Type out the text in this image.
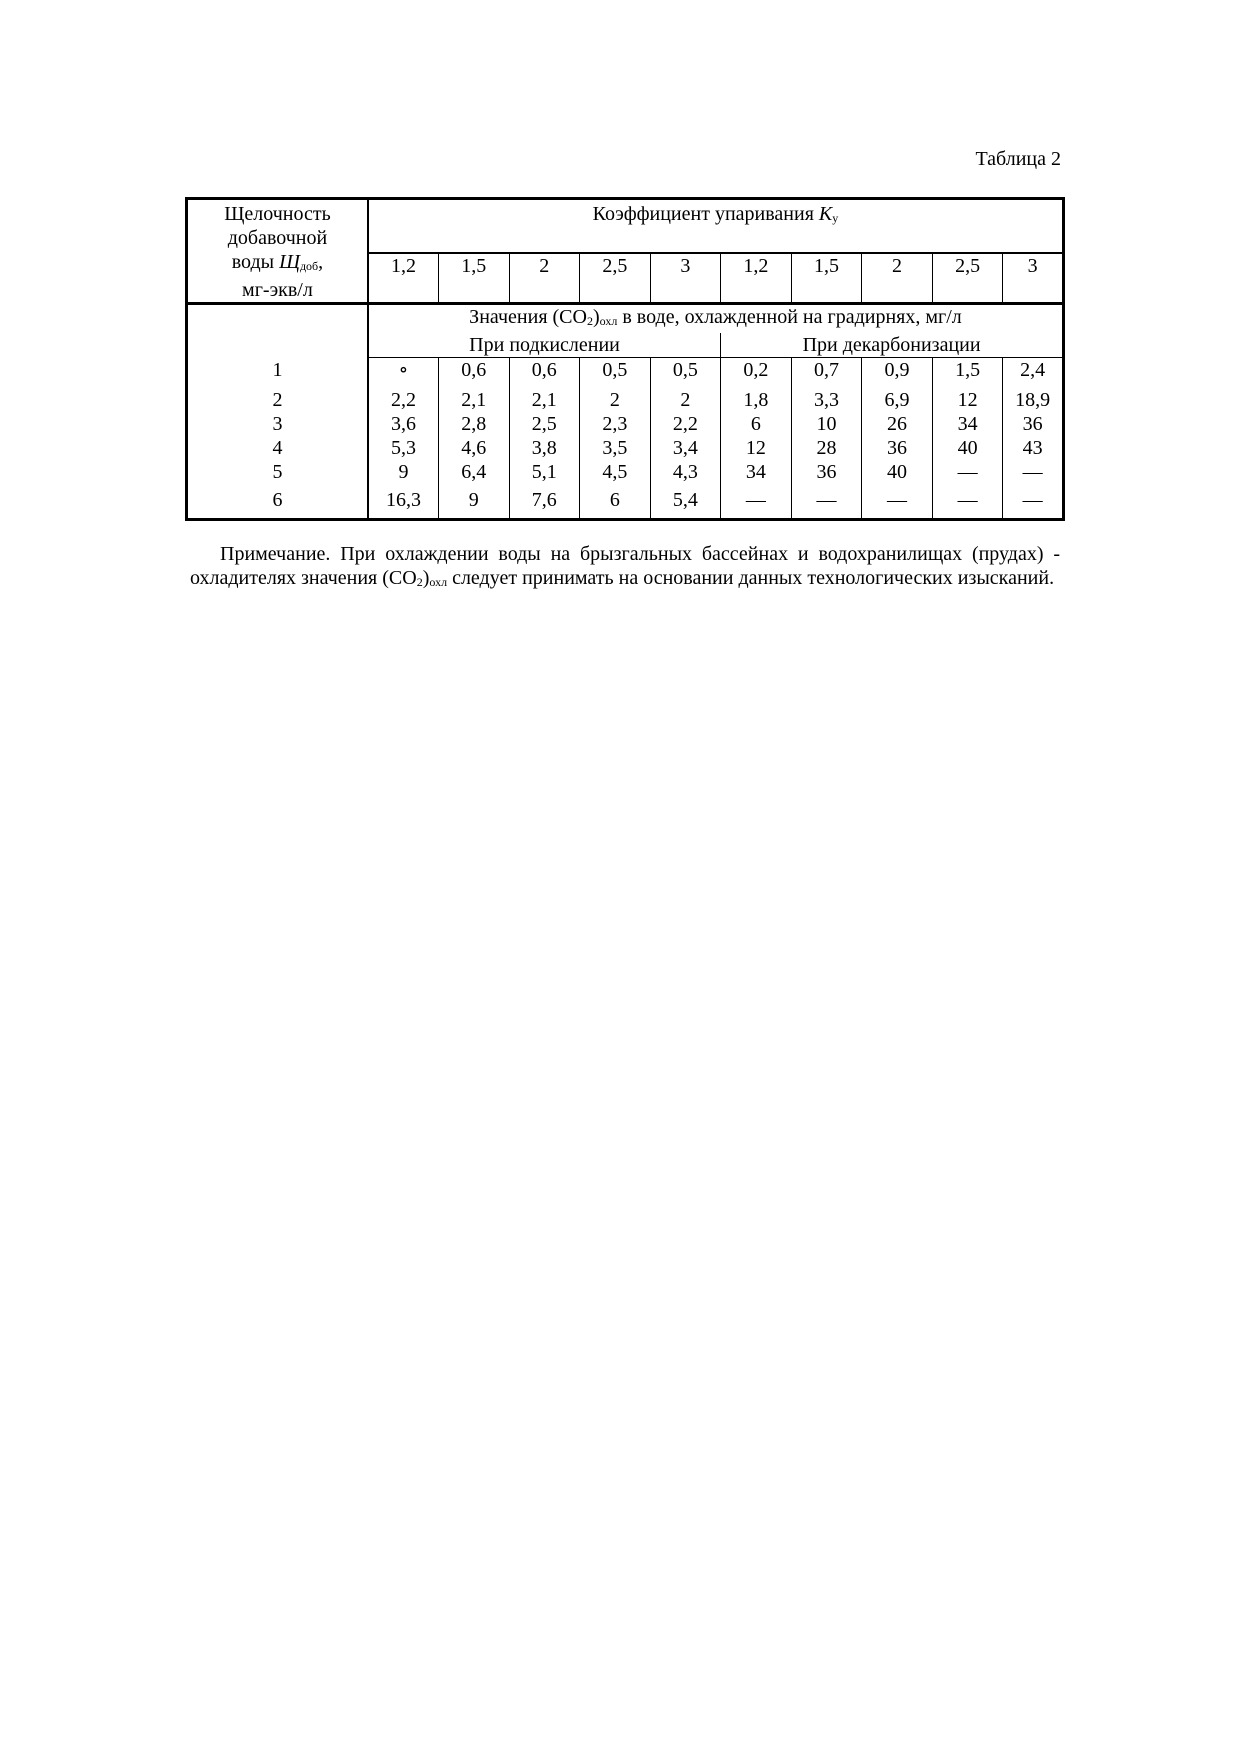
Таблица 2
Щелочность
добавочной
воды Щдоб,
мг-экв/л	Коэффициент упаривания Kу									
	1,2	1,5	2	2,5	3	1,2	1,5	2	2,5	3
	Значения (CO2)охл в воде, охлажденной на градирнях, мг/л									
	При подкислении					При декарбонизации				
1	∘	0,6	0,6	0,5	0,5	0,2	0,7	0,9	1,5	2,4
2	2,2	2,1	2,1	2	2	1,8	3,3	6,9	12	18,9
3	3,6	2,8	2,5	2,3	2,2	6	10	26	34	36
4	5,3	4,6	3,8	3,5	3,4	12	28	36	40	43
5	9	6,4	5,1	4,5	4,3	34	36	40	—	—
6	16,3	9	7,6	6	5,4	—	—	—	—	—

Примечание. При охлаждении воды на брызгальных бассейнах и водохранилищах (прудах) - охладителях значения (CO2)охл следует принимать на основании данных технологических изысканий.
